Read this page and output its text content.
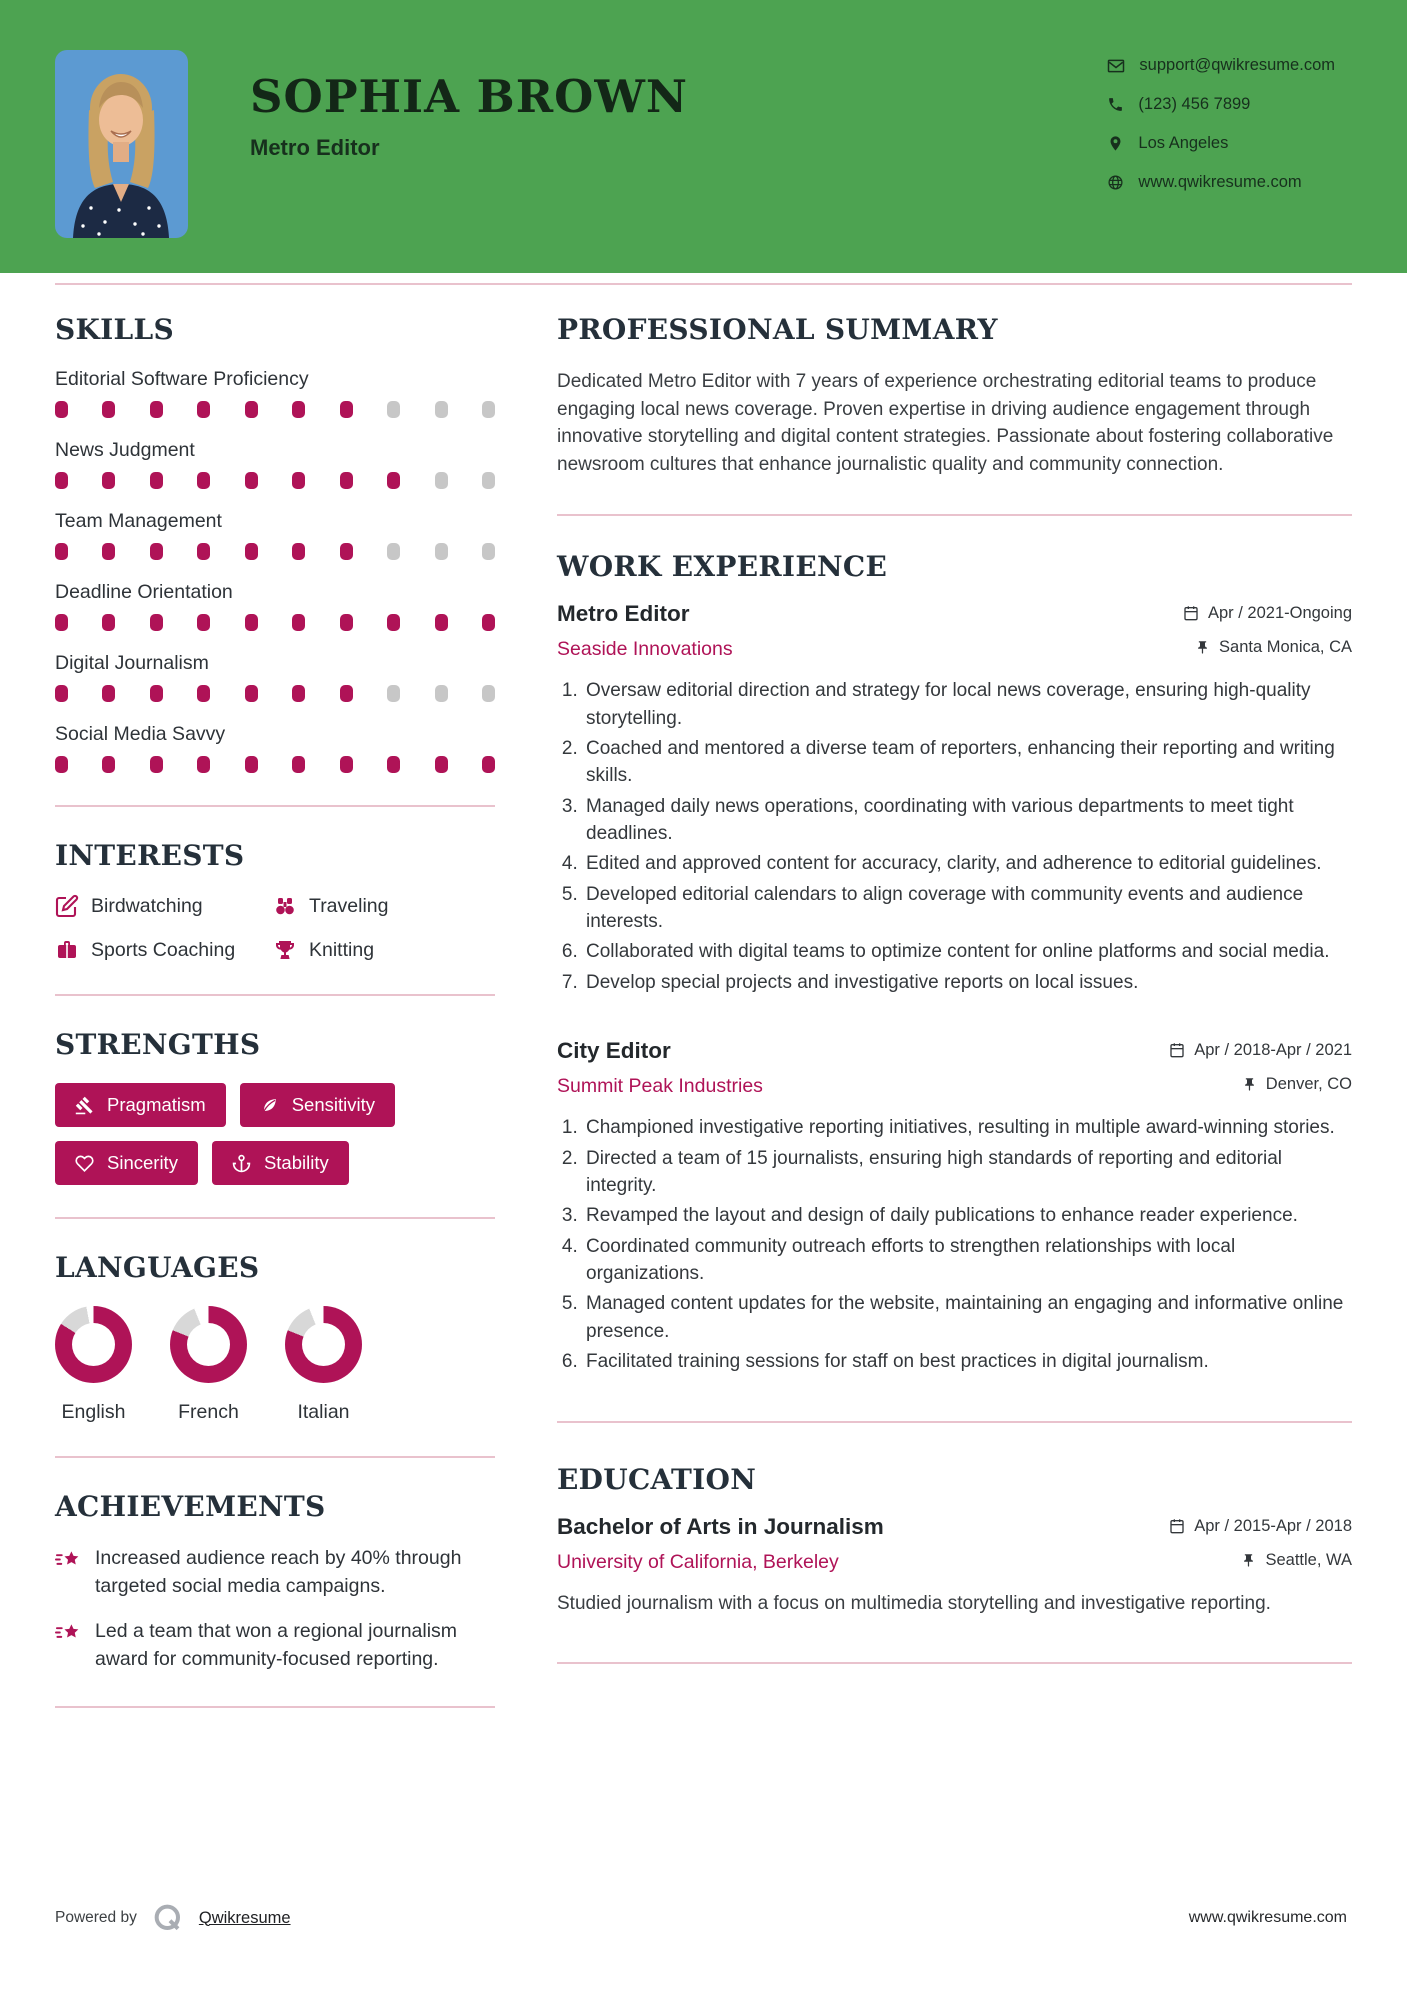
SOPHIA BROWN
Metro Editor
support@qwikresume.com
(123) 456 7899
Los Angeles
www.qwikresume.com
SKILLS
Editorial Software Proficiency
News Judgment
Team Management
Deadline Orientation
Digital Journalism
Social Media Savvy
INTERESTS
Birdwatching	Traveling
Sports Coaching	Knitting
STRENGTHS
Pragmatism	Sensitivity
Sincerity	Stability
LANGUAGES
English	French	Italian
ACHIEVEMENTS
Increased audience reach by 40% through targeted social media campaigns.
Led a team that won a regional journalism award for community-focused reporting.
PROFESSIONAL SUMMARY

Dedicated Metro Editor with 7 years of experience orchestrating editorial teams to produce engaging local news coverage. Proven expertise in driving audience engagement through innovative storytelling and digital content strategies. Passionate about fostering collaborative newsroom cultures that enhance journalistic quality and community connection.

WORK EXPERIENCE
Metro Editor	Apr / 2021-Ongoing
Seaside Innovations	Santa Monica, CA
1. Oversaw editorial direction and strategy for local news coverage, ensuring high-quality storytelling.
2. Coached and mentored a diverse team of reporters, enhancing their reporting and writing skills.
3. Managed daily news operations, coordinating with various departments to meet tight deadlines.
4. Edited and approved content for accuracy, clarity, and adherence to editorial guidelines.
5. Developed editorial calendars to align coverage with community events and audience interests.
6. Collaborated with digital teams to optimize content for online platforms and social media.
7. Develop special projects and investigative reports on local issues.
City Editor	Apr / 2018-Apr / 2021
Summit Peak Industries	Denver, CO
1. Championed investigative reporting initiatives, resulting in multiple award-winning stories.
2. Directed a team of 15 journalists, ensuring high standards of reporting and editorial integrity.
3. Revamped the layout and design of daily publications to enhance reader experience.
4. Coordinated community outreach efforts to strengthen relationships with local organizations.
5. Managed content updates for the website, maintaining an engaging and informative online presence.
6. Facilitated training sessions for staff on best practices in digital journalism.
EDUCATION
Bachelor of Arts in Journalism	Apr / 2015-Apr / 2018
University of California, Berkeley	Seattle, WA

Studied journalism with a focus on multimedia storytelling and investigative reporting.

Powered by	Qwikresume	www.qwikresume.com
